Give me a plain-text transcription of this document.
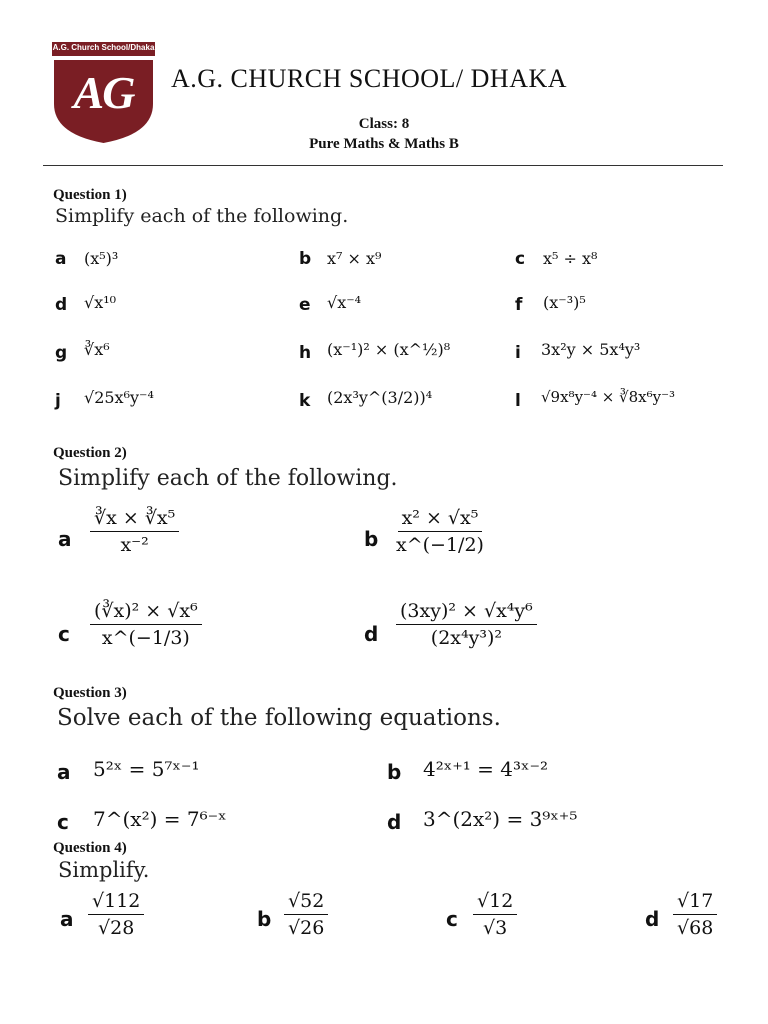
A.G. Church School/Dhaka
AG	A.G. CHURCH SCHOOL/ DHAKA
Class: 8
Pure Maths & Maths B
Question 1)
Simplify each of the following.
a (x⁵)³	b x⁷ × x⁹	c x⁵ ÷ x⁸
d √x¹⁰	e √x⁻⁴	f (x⁻³)⁵
g ∛x⁶	h (x⁻¹)² × (x^½)⁸	i 3x²y × 5x⁴y³
j √25x⁶y⁻⁴	k (2x³y^(3/2))⁴	l √9x⁸y⁻⁴ × ∛8x⁶y⁻³
Question 2)
Simplify each of the following.
a $\frac{\text{∛x × ∛x⁵}}{\text{x⁻²}}$	b $\frac{\text{x² × √x⁵}}{x\^{}(-1/2)}$
c $\frac{\text{(∛x)² × √x⁶}}{x\^{}(-1/3)}$	d $\frac{\text{(3xy)² × √x⁴y⁶}}{\text{(2x⁴y³)²}}$
Question 3)
Solve each of the following equations.
a 5²ˣ = 5⁷ˣ⁻¹	b 4²ˣ⁺¹ = 4³ˣ⁻²
c 7^(x²) = 7⁶⁻ˣ	d 3^(2x²) = 3⁹ˣ⁺⁵
Question 4)
Simplify.
a $\frac{√112}{√28}$	b $\frac{√52}{√26}$	c $\frac{√12}{√3}$	d $\frac{√17}{√68}$
